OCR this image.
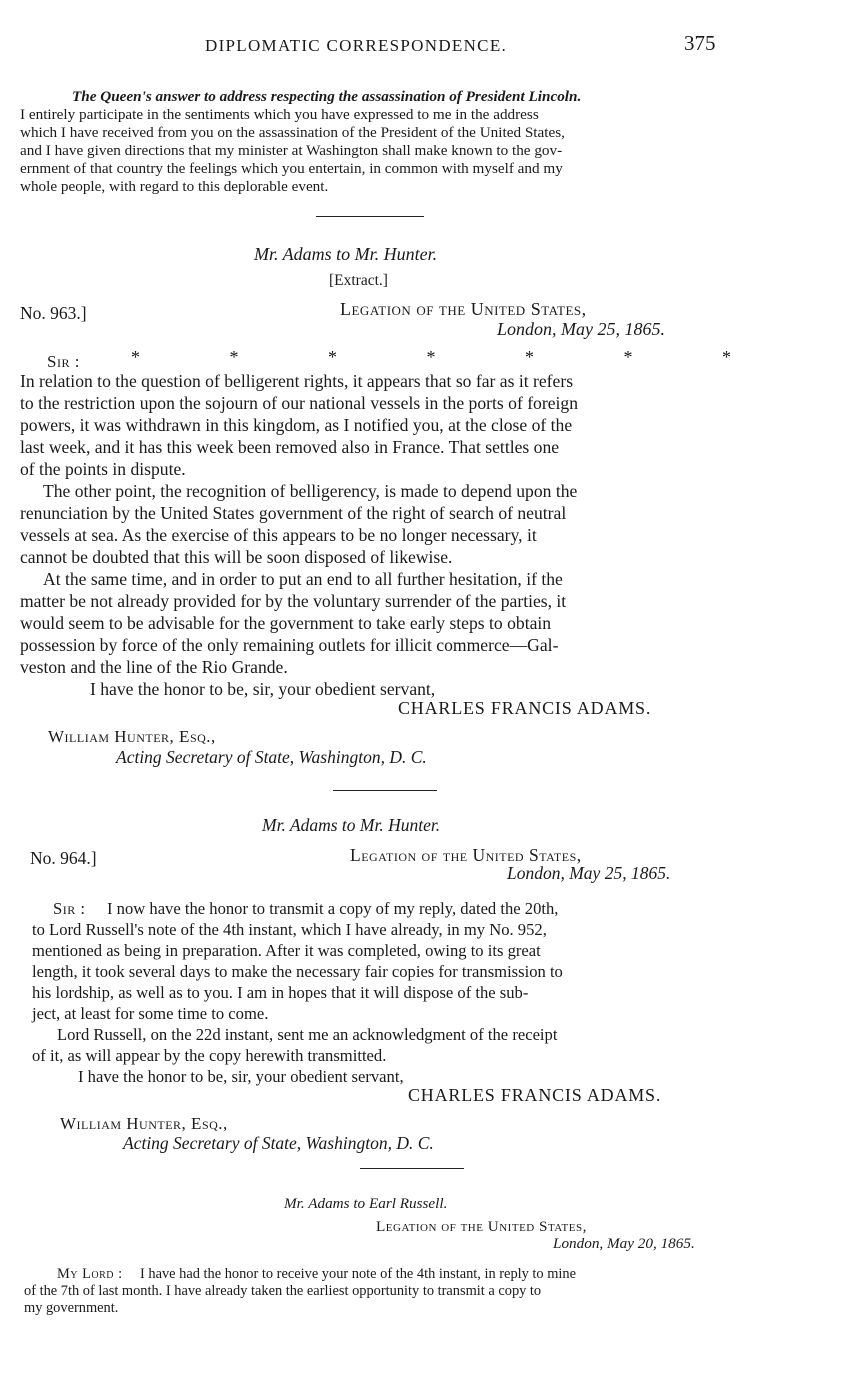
DIPLOMATIC CORRESPONDENCE.	375
The Queen's answer to address respecting the assassination of President Lincoln.
I entirely participate in the sentiments which you have expressed to me in the address
which I have received from you on the assassination of the President of the United States,
and I have given directions that my minister at Washington shall make known to the gov-
ernment of that country the feelings which you entertain, in common with myself and my
whole people, with regard to this deplorable event.
Mr. Adams to Mr. Hunter.
[Extract.]
No. 963.]	Legation of the United States,
London, May 25, 1865.
Sir :	*	*	*	*	*	*	*
In relation to the question of belligerent rights, it appears that so far as it refers
to the restriction upon the sojourn of our national vessels in the ports of foreign
powers, it was withdrawn in this kingdom, as I notified you, at the close of the
last week, and it has this week been removed also in France. That settles one
of the points in dispute.
The other point, the recognition of belligerency, is made to depend upon the
renunciation by the United States government of the right of search of neutral
vessels at sea. As the exercise of this appears to be no longer necessary, it
cannot be doubted that this will be soon disposed of likewise.
At the same time, and in order to put an end to all further hesitation, if the
matter be not already provided for by the voluntary surrender of the parties, it
would seem to be advisable for the government to take early steps to obtain
possession by force of the only remaining outlets for illicit commerce—Gal-
veston and the line of the Rio Grande.
I have the honor to be, sir, your obedient servant,
CHARLES FRANCIS ADAMS.
William Hunter, Esq.,
Acting Secretary of State, Washington, D. C.
Mr. Adams to Mr. Hunter.
No. 964.]	Legation of the United States,
London, May 25, 1865.
Sir : I now have the honor to transmit a copy of my reply, dated the 20th,
to Lord Russell's note of the 4th instant, which I have already, in my No. 952,
mentioned as being in preparation. After it was completed, owing to its great
length, it took several days to make the necessary fair copies for transmission to
his lordship, as well as to you. I am in hopes that it will dispose of the sub-
ject, at least for some time to come.
Lord Russell, on the 22d instant, sent me an acknowledgment of the receipt
of it, as will appear by the copy herewith transmitted.
I have the honor to be, sir, your obedient servant,
CHARLES FRANCIS ADAMS.
William Hunter, Esq.,
Acting Secretary of State, Washington, D. C.
Mr. Adams to Earl Russell.
Legation of the United States,
London, May 20, 1865.
My Lord : I have had the honor to receive your note of the 4th instant, in reply to mine
of the 7th of last month. I have already taken the earliest opportunity to transmit a copy to
my government.
